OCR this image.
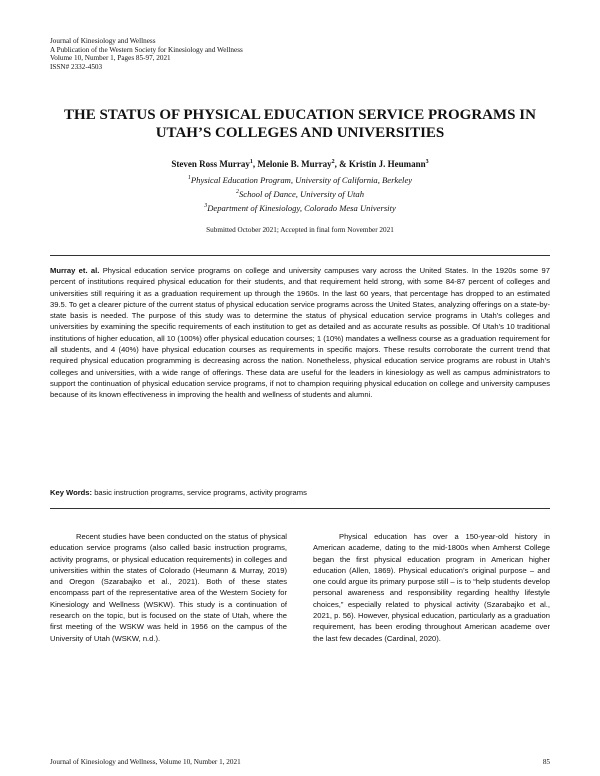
Journal of Kinesiology and Wellness
A Publication of the Western Society for Kinesiology and Wellness
Volume 10, Number 1, Pages 85-97, 2021
ISSN# 2332-4503
THE STATUS OF PHYSICAL EDUCATION SERVICE PROGRAMS IN UTAH’S COLLEGES AND UNIVERSITIES
Steven Ross Murray$^1$, Melonie B. Murray$^2$, & Kristin J. Heumann$^3$
$^1$Physical Education Program, University of California, Berkeley
$^2$School of Dance, University of Utah
$^3$Department of Kinesiology, Colorado Mesa University
Submitted October 2021; Accepted in final form November 2021
Murray et. al. Physical education service programs on college and university campuses vary across the United States. In the 1920s some 97 percent of institutions required physical education for their students, and that requirement held strong, with some 84-87 percent of colleges and universities still requiring it as a graduation requirement up through the 1960s. In the last 60 years, that percentage has dropped to an estimated 39.5. To get a clearer picture of the current status of physical education service programs across the United States, analyzing offerings on a state-by-state basis is needed. The purpose of this study was to determine the status of physical education service programs in Utah’s colleges and universities by examining the specific requirements of each institution to get as detailed and as accurate results as possible. Of Utah’s 10 traditional institutions of higher education, all 10 (100%) offer physical education courses; 1 (10%) mandates a wellness course as a graduation requirement for all students, and 4 (40%) have physical education courses as requirements in specific majors. These results corroborate the current trend that required physical education programming is decreasing across the nation. Nonetheless, physical education service programs are robust in Utah’s colleges and universities, with a wide range of offerings. These data are useful for the leaders in kinesiology as well as campus administrators to support the continuation of physical education service programs, if not to champion requiring physical education on college and university campuses because of its known effectiveness in improving the health and wellness of students and alumni.
Key Words: basic instruction programs, service programs, activity programs

Recent studies have been conducted on the status of physical education service programs (also called basic instruction programs, activity programs, or physical education requirements) in colleges and universities within the states of Colorado (Heumann & Murray, 2019) and Oregon (Szarabajko et al., 2021). Both of these states encompass part of the representative area of the Western Society for Kinesiology and Wellness (WSKW). This study is a continuation of research on the topic, but is focused on the state of Utah, where the first meeting of the WSKW was held in 1956 on the campus of the University of Utah (WSKW, n.d.).

Physical education has over a 150-year-old history in American academe, dating to the mid-1800s when Amherst College began the first physical education program in American higher education (Allen, 1869). Physical education’s original purpose – and one could argue its primary purpose still – is to “help students develop personal awareness and responsibility regarding healthy lifestyle choices,” especially related to physical activity (Szarabajko et al., 2021, p. 56). However, physical education, particularly as a graduation requirement, has been eroding throughout American academe over the last few decades (Cardinal, 2020).

Journal of Kinesiology and Wellness, Volume 10, Number 1, 2021	85
